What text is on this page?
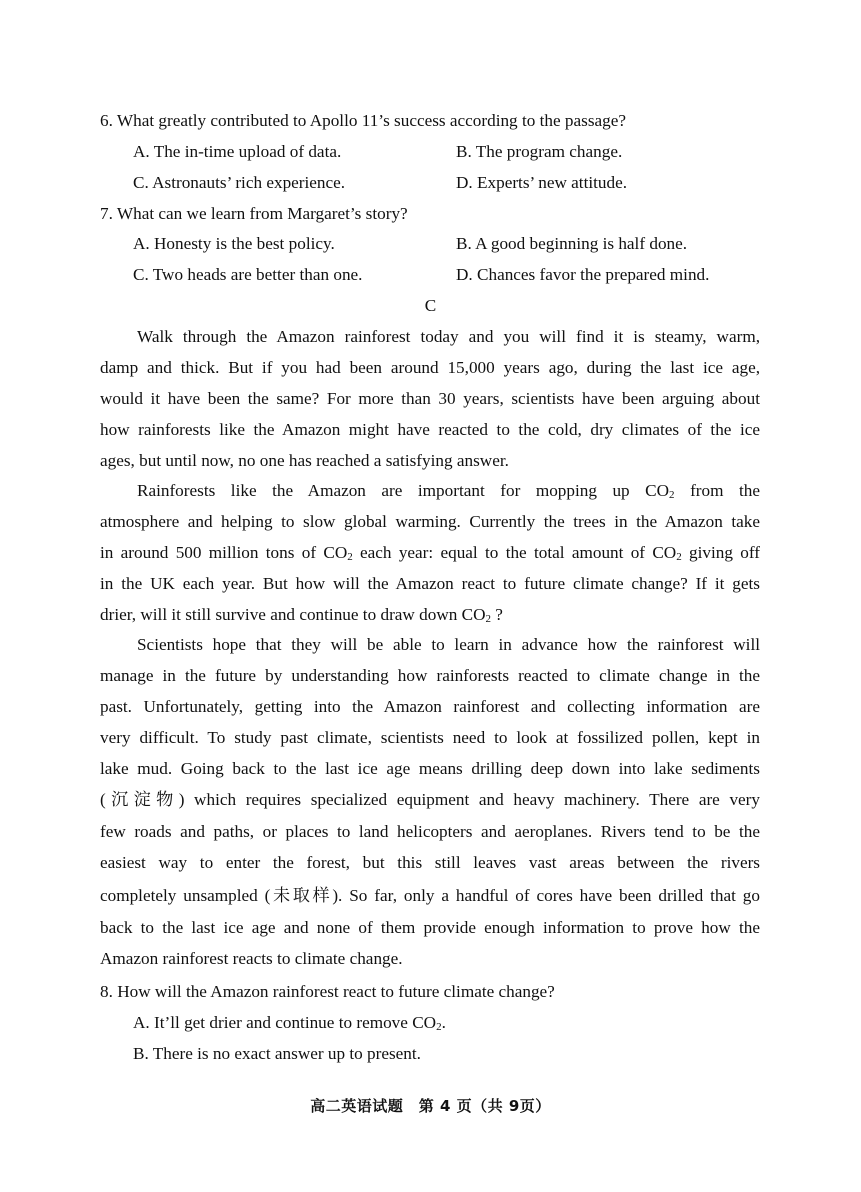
6. What greatly contributed to Apollo 11’s success according to the passage?
A. The in-time upload of data.	B. The program change.
C. Astronauts’ rich experience.	D. Experts’ new attitude.
7. What can we learn from Margaret’s story?
A. Honesty is the best policy.	B. A good beginning is half done.
C. Two heads are better than one.	D. Chances favor the prepared mind.
C
Walk through the Amazon rainforest today and you will find it is steamy, warm,
damp and thick. But if you had been around 15,000 years ago, during the last ice age,
would it have been the same? For more than 30 years, scientists have been arguing about
how rainforests like the Amazon might have reacted to the cold, dry climates of the ice
ages, but until now, no one has reached a satisfying answer.
Rainforests like the Amazon are important for mopping up $CO_2$ from the
atmosphere and helping to slow global warming. Currently the trees in the Amazon take
in around 500 million tons of $CO_2$ each year: equal to the total amount of $CO_2$ giving off
in the UK each year. But how will the Amazon react to future climate change? If it gets
drier, will it still survive and continue to draw down $CO_2$ ?
Scientists hope that they will be able to learn in advance how the rainforest will
manage in the future by understanding how rainforests reacted to climate change in the
past. Unfortunately, getting into the Amazon rainforest and collecting information are
very difficult. To study past climate, scientists need to look at fossilized pollen, kept in
lake mud. Going back to the last ice age means drilling deep down into lake sediments
(沉淀物) which requires specialized equipment and heavy machinery. There are very
few roads and paths, or places to land helicopters and aeroplanes. Rivers tend to be the
easiest way to enter the forest, but this still leaves vast areas between the rivers
completely unsampled (未取样). So far, only a handful of cores have been drilled that go
back to the last ice age and none of them provide enough information to prove how the
Amazon rainforest reacts to climate change.
8. How will the Amazon rainforest react to future climate change?
A. It’ll get drier and continue to remove $CO_2$.
B. There is no exact answer up to present.
高二英语试题　第 4 页（共 9页）
